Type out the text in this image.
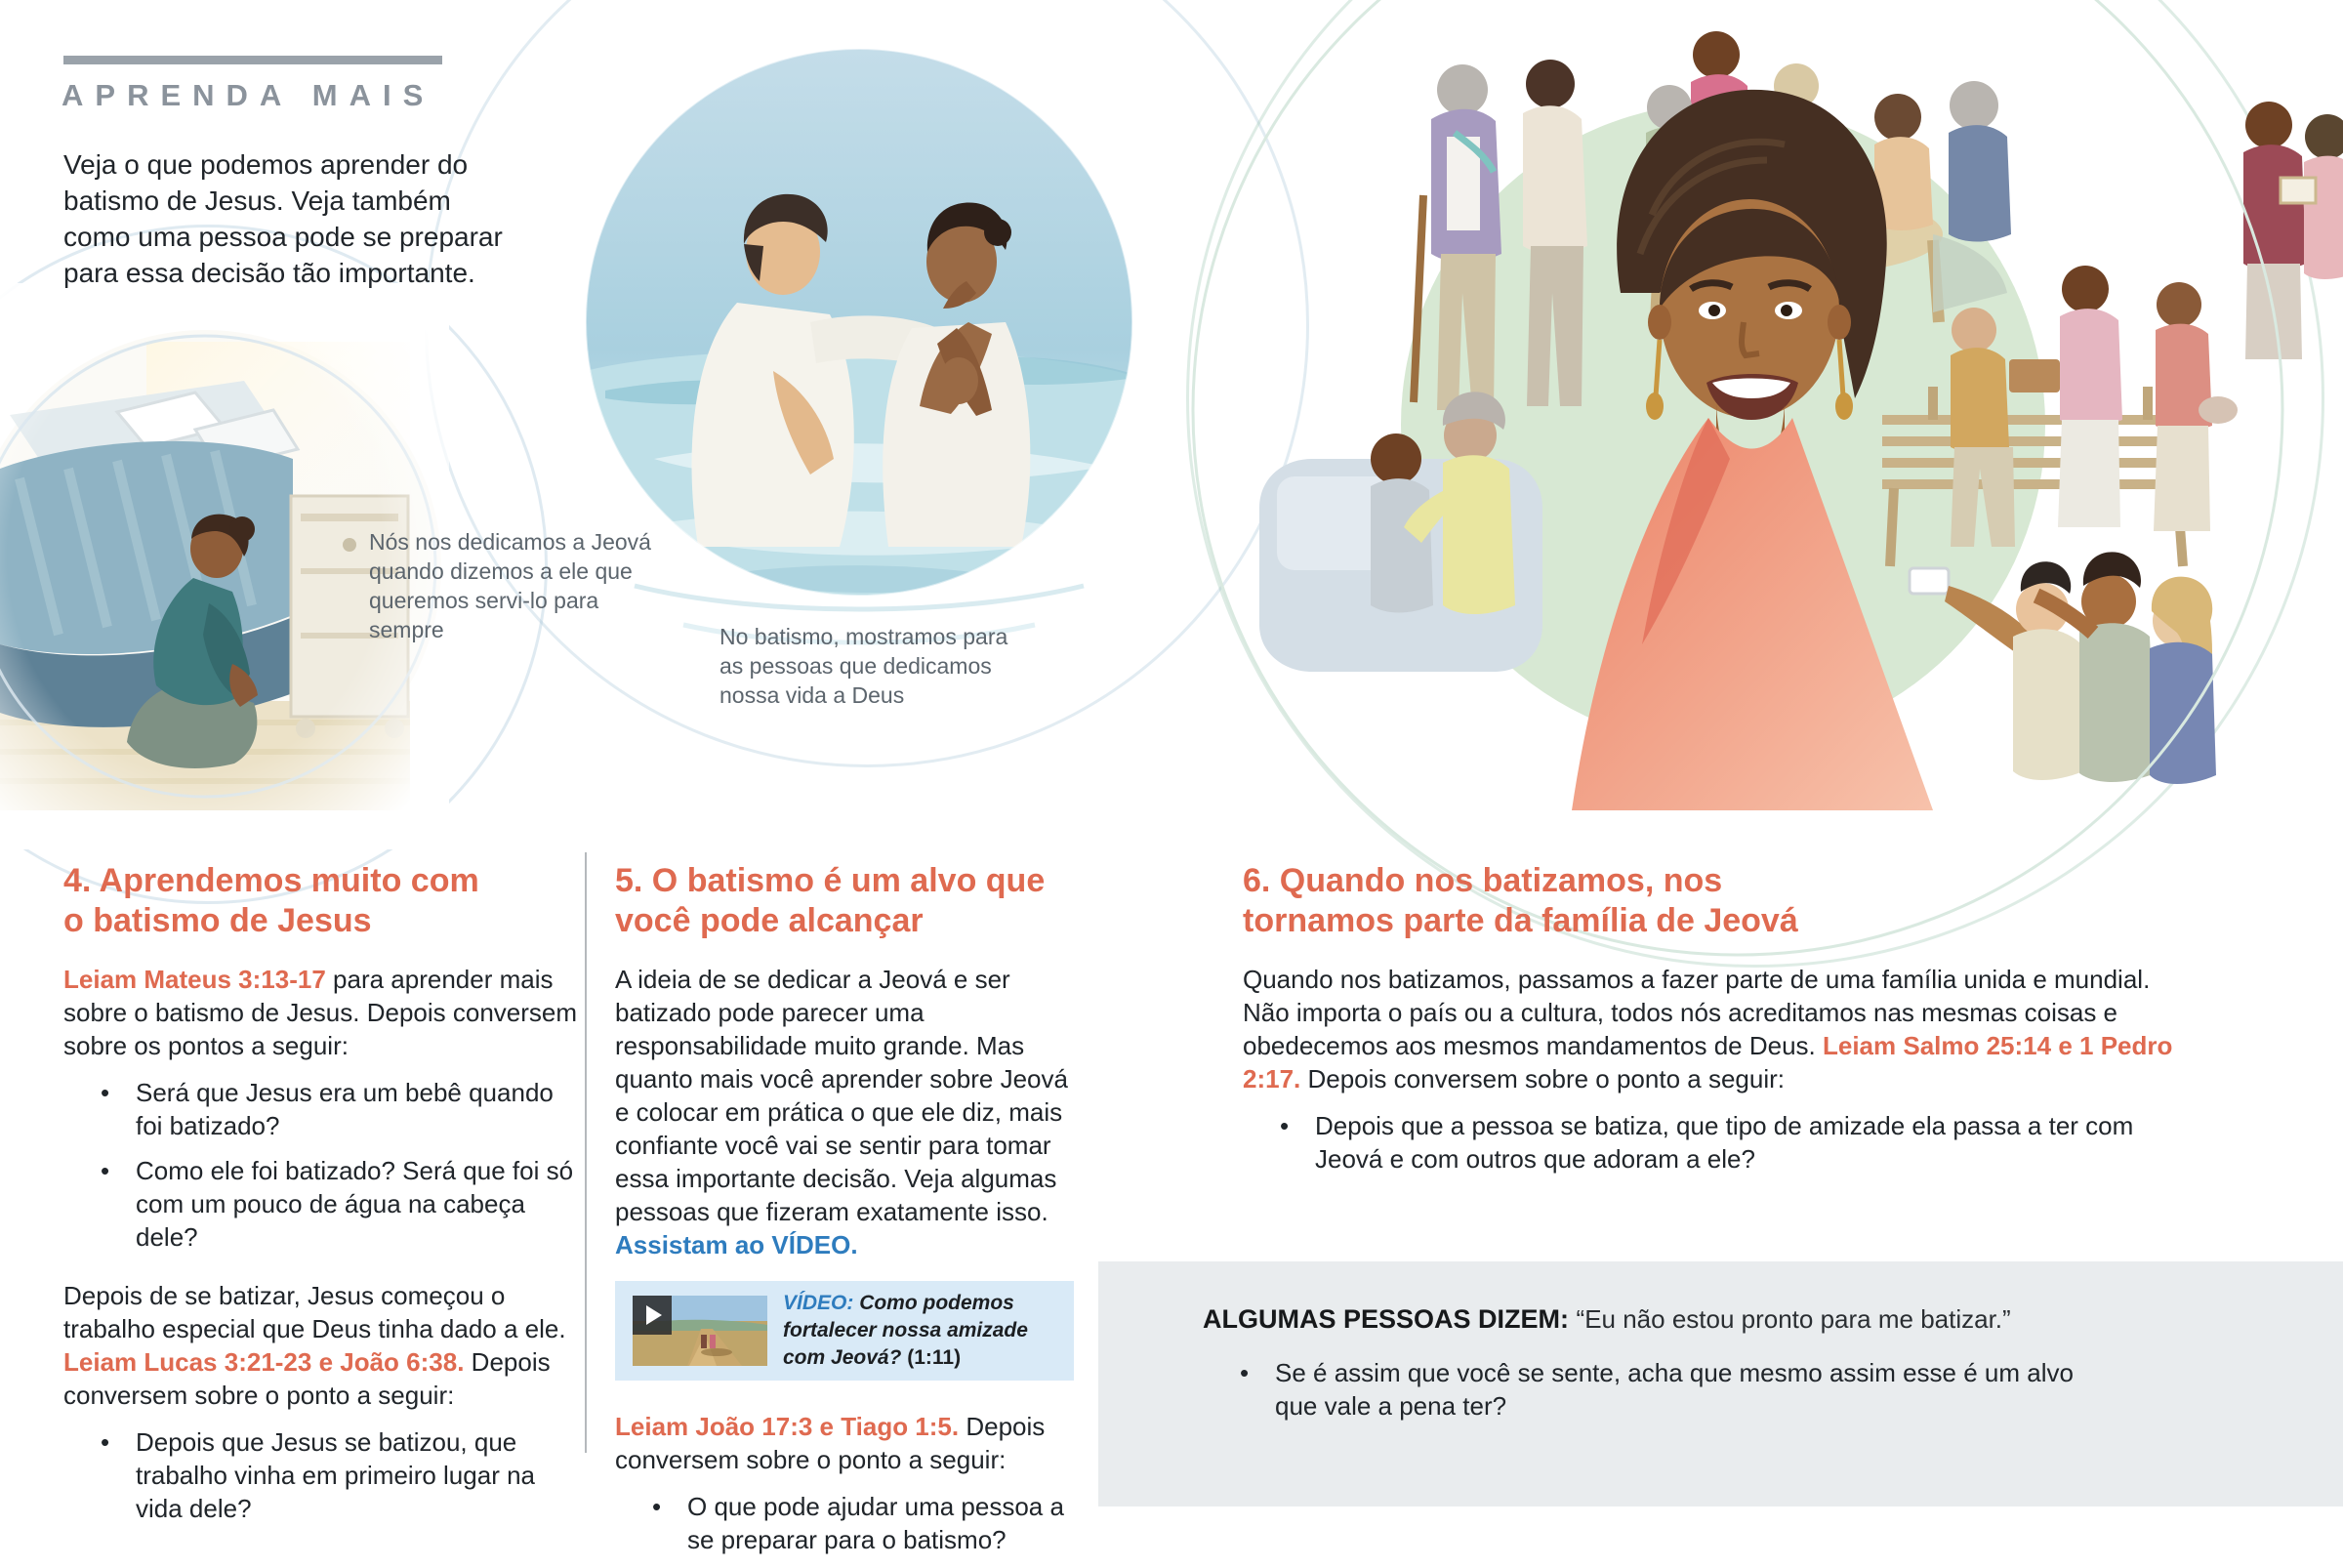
APRENDA MAIS
Veja o que podemos aprender do batismo de Jesus. Veja também como uma pessoa pode se preparar para essa decisão tão importante.
Nós nos dedicamos a Jeová
quando dizemos a ele que
queremos servi-lo para sempre	No batismo, mostramos para
as pessoas que dedicamos
nossa vida a Deus
4. Aprendemos muito com
o batismo de Jesus

Leiam Mateus 3:13-17 para aprender mais sobre o batismo de Jesus. Depois conversem sobre os pontos a seguir:

•	Será que Jesus era um bebê quando foi batizado?
•	Como ele foi batizado? Será que foi só com um pouco de água na cabeça dele?

Depois de se batizar, Jesus começou o trabalho especial que Deus tinha dado a ele. Leiam Lucas 3:21-23 e João 6:38. Depois conversem sobre o ponto a seguir:

•	Depois que Jesus se batizou, que trabalho vinha em primeiro lugar na vida dele?
5. O batismo é um alvo que
você pode alcançar

A ideia de se dedicar a Jeová e ser batizado pode parecer uma responsabilidade muito grande. Mas quanto mais você aprender sobre Jeová e colocar em prática o que ele diz, mais confiante você vai se sentir para tomar essa importante decisão. Veja algumas pessoas que fizeram exatamente isso. Assistam ao VÍDEO.

VÍDEO: Como podemos fortalecer nossa amizade com Jeová? (1:11)

Leiam João 17:3 e Tiago 1:5. Depois conversem sobre o ponto a seguir:

•	O que pode ajudar uma pessoa a se preparar para o batismo?
6. Quando nos batizamos, nos
tornamos parte da família de Jeová

Quando nos batizamos, passamos a fazer parte de uma família unida e mundial. Não importa o país ou a cultura, todos nós acreditamos nas mesmas coisas e obedecemos aos mesmos mandamentos de Deus. Leiam Salmo 25:14 e 1 Pedro 2:17. Depois conversem sobre o ponto a seguir:

•	Depois que a pessoa se batiza, que tipo de amizade ela passa a ter com Jeová e com outros que adoram a ele?
ALGUMAS PESSOAS DIZEM: “Eu não estou pronto para me batizar.”
•	Se é assim que você se sente, acha que mesmo assim esse é um alvo que vale a pena ter?
